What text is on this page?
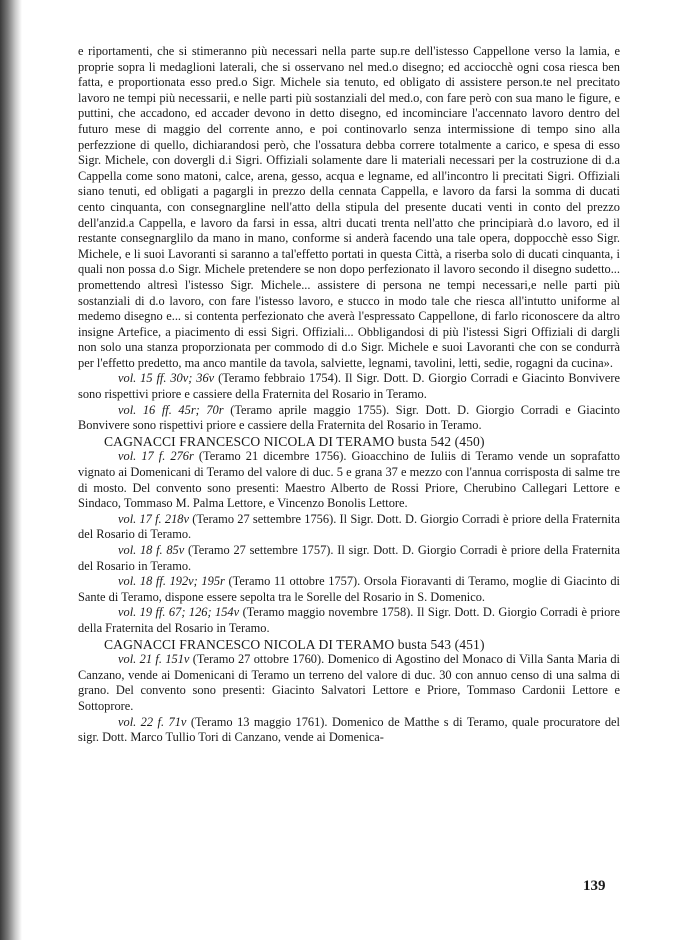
e riportamenti, che si stimeranno più necessari nella parte sup.re dell'istesso Cappellone verso la lamia, e proprie sopra li medaglioni laterali, che si osservano nel med.o disegno; ed acciocchè ogni cosa riesca ben fatta, e proportionata esso pred.o Sigr. Michele sia tenuto, ed obligato di assistere person.te nel precitato lavoro ne tempi più necessarii, e nelle parti più sostanziali del med.o, con fare però con sua mano le figure, e puttini, che accadono, ed accader devono in detto disegno, ed incominciare l'accennato lavoro dentro del futuro mese di maggio del corrente anno, e poi continovarlo senza intermissione di tempo sino alla perfezzione di quello, dichiarandosi però, che l'ossatura debba correre totalmente a carico, e spesa di esso Sigr. Michele, con dovergli d.i Sigri. Offiziali solamente dare li materiali necessari per la costruzione di d.a Cappella come sono matoni, calce, arena, gesso, acqua e legname, ed all'incontro li precitati Sigri. Offiziali siano tenuti, ed obligati a pagargli in prezzo della cennata Cappella, e lavoro da farsi la somma di ducati cento cinquanta, con consegnargline nell'atto della stipula del presente ducati venti in conto del prezzo dell'anzid.a Cappella, e lavoro da farsi in essa, altri ducati trenta nell'atto che principiarà d.o lavoro, ed il restante consegnarglilo da mano in mano, conforme si anderà facendo una tale opera, doppocchè esso Sigr. Michele, e li suoi Lavoranti si saranno a tal'effetto portati in questa Città, a riserba solo di ducati cinquanta, i quali non possa d.o Sigr. Michele pretendere se non dopo perfezionato il lavoro secondo il disegno sudetto... promettendo altresì l'istesso Sigr. Michele... assistere di persona ne tempi necessari,e nelle parti più sostanziali di d.o lavoro, con fare l'istesso lavoro, e stucco in modo tale che riesca all'intutto uniforme al medemo disegno e... si contenta perfezionato che averà l'espressato Cappellone, di farlo riconoscere da altro insigne Artefice, a piacimento di essi Sigri. Offiziali... Obbligandosi di più l'istessi Sigri Offiziali di dargli non solo una stanza proporzionata per commodo di d.o Sigr. Michele e suoi Lavoranti che con se condurrà per l'effetto predetto, ma anco mantile da tavola, salviette, legnami, tavolini, letti, sedie, rogagni da cucina».

vol. 15 ff. 30v; 36v (Teramo febbraio 1754). Il Sigr. Dott. D. Giorgio Corradi e Giacinto Bonvivere sono rispettivi priore e cassiere della Fraternita del Rosario in Teramo.

vol. 16 ff. 45r; 70r (Teramo aprile maggio 1755). Sigr. Dott. D. Giorgio Corradi e Giacinto Bonvivere sono rispettivi priore e cassiere della Fraternita del Rosario in Teramo.

CAGNACCI FRANCESCO NICOLA DI TERAMO busta 542 (450)

vol. 17 f. 276r (Teramo 21 dicembre 1756). Gioacchino de Iuliis di Teramo vende un soprafatto vignato ai Domenicani di Teramo del valore di duc. 5 e grana 37 e mezzo con l'annua corrisposta di salme tre di mosto. Del convento sono presenti: Maestro Alberto de Rossi Priore, Cherubino Callegari Lettore e Sindaco, Tommaso M. Palma Lettore, e Vincenzo Bonolis Lettore.

vol. 17 f. 218v (Teramo 27 settembre 1756). Il Sigr. Dott. D. Giorgio Corradi è priore della Fraternita del Rosario di Teramo.

vol. 18 f. 85v (Teramo 27 settembre 1757). Il sigr. Dott. D. Giorgio Corradi è priore della Fraternita del Rosario in Teramo.

vol. 18 ff. 192v; 195r (Teramo 11 ottobre 1757). Orsola Fioravanti di Teramo, moglie di Giacinto di Sante di Teramo, dispone essere sepolta tra le Sorelle del Rosario in S. Domenico.

vol. 19 ff. 67; 126; 154v (Teramo maggio novembre 1758). Il Sigr. Dott. D. Giorgio Corradi è priore della Fraternita del Rosario in Teramo.

CAGNACCI FRANCESCO NICOLA DI TERAMO busta 543 (451)

vol. 21 f. 151v (Teramo 27 ottobre 1760). Domenico di Agostino del Monaco di Villa Santa Maria di Canzano, vende ai Domenicani di Teramo un terreno del valore di duc. 30 con annuo censo di una salma di grano. Del convento sono presenti: Giacinto Salvatori Lettore e Priore, Tommaso Cardonii Lettore e Sottoprore.

vol. 22 f. 71v (Teramo 13 maggio 1761). Domenico de Matthe s di Teramo, quale procuratore del sigr. Dott. Marco Tullio Tori di Canzano, vende ai Domenica-

139
